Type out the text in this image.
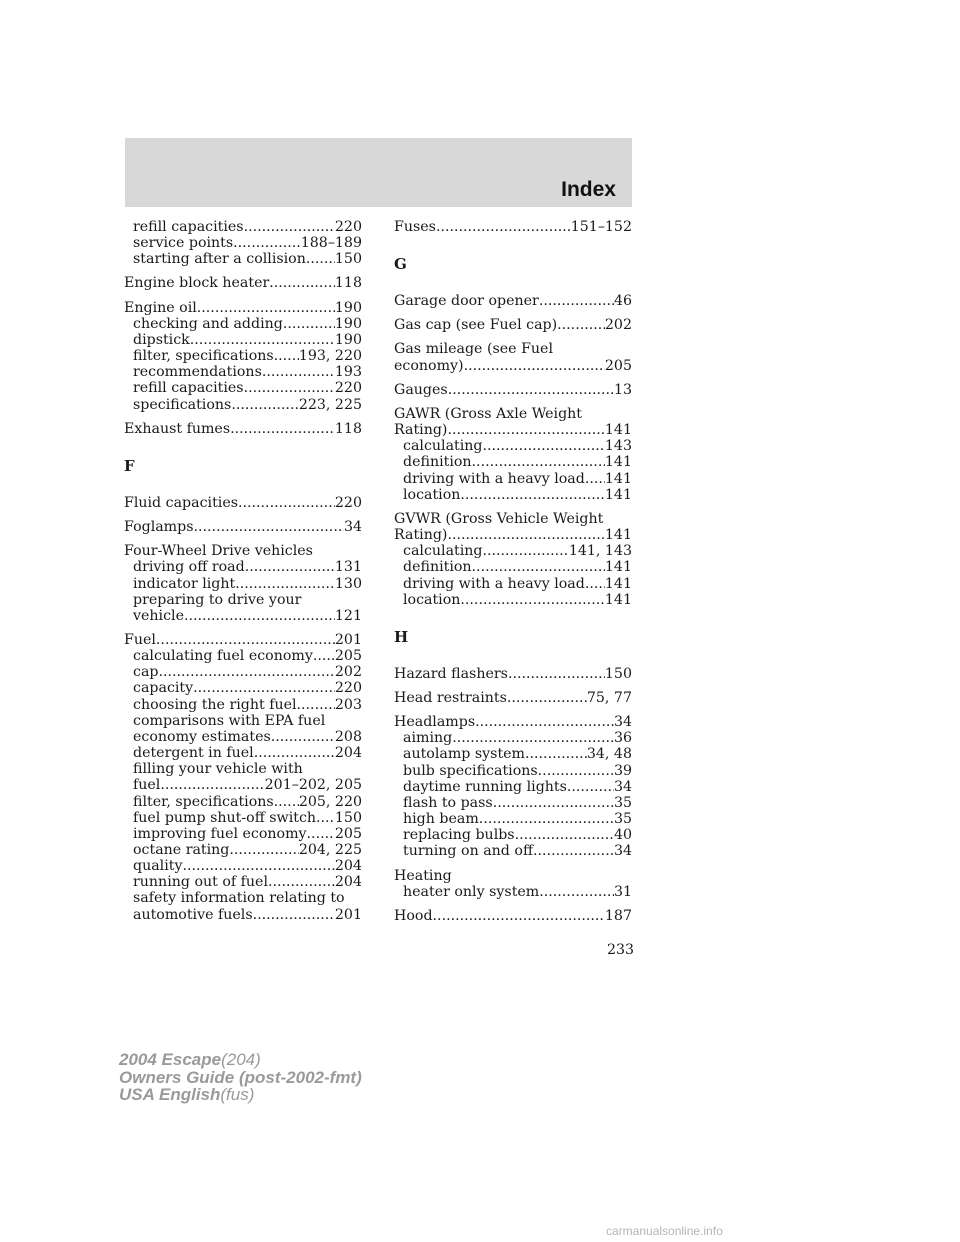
Index
refill capacities .....	220
service points .....	188–189
starting after a collision ..... 150
Engine block heater .....	118
Engine oil .....	190
checking and adding .....	190
dipstick .....	190
filter, specifications ..... 193, 220
recommendations .....	193
refill capacities .....	220
specifications .....	223, 225
Exhaust fumes .....	118
F
Fluid capacities .....	220
Foglamps .....	34
Four-Wheel Drive vehicles
driving off road .....	131
indicator light .....	130
preparing to drive your
vehicle .....	121
Fuel .....	201
calculating fuel economy ..... 205
cap .....	202
capacity .....	220
choosing the right fuel .....	203
comparisons with EPA fuel
economy estimates .....	208
detergent in fuel .....	204
filling your vehicle with
fuel .....	201–202, 205
filter, specifications ..... 205, 220
fuel pump shut-off switch ..... 150
improving fuel economy ..... 205
octane rating .....	204, 225
quality .....	204
running out of fuel .....	204
safety information relating to
automotive fuels .....	201
Fuses .....	151–152
G
Garage door opener .....	46
Gas cap (see Fuel cap) .....	202
Gas mileage (see Fuel
economy) .....	205
Gauges .....	13
GAWR (Gross Axle Weight
Rating) .....	141
calculating .....	143
definition .....	141
driving with a heavy load ..... 141
location .....	141
GVWR (Gross Vehicle Weight
Rating) .....	141
calculating .....	141, 143
definition .....	141
driving with a heavy load ..... 141
location .....	141
H
Hazard flashers .....	150
Head restraints .....	75, 77
Headlamps .....	34
aiming .....	36
autolamp system .....	34, 48
bulb specifications .....	39
daytime running lights .....	34
flash to pass .....	35
high beam .....	35
replacing bulbs .....	40
turning on and off .....	34
Heating
heater only system .....	31
Hood .....	187
233
2004 Escape(204)
Owners Guide (post-2002-fmt)
USA English(fus)
carmanualsonline.info
